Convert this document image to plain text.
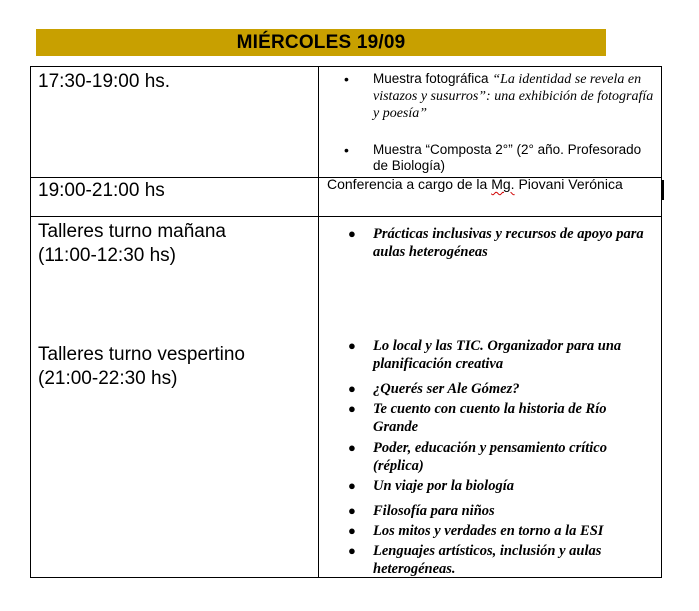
MIÉRCOLES 19/09
17:30-19:00 hs.	• Muestra fotográfica “La identidad se revela en vistazos y susurros”: una exhibición de fotografía y poesía”
• Muestra “Composta 2°” (2° año. Profesorado de Biología)
19:00-21:00 hs	Conferencia a cargo de la Mg. Piovani Verónica
Talleres turno mañana
(11:00-12:30 hs)
Talleres turno vespertino
(21:00-22:30 hs)
● Prácticas inclusivas y recursos de apoyo para aulas heterogéneas
● Lo local y las TIC. Organizador para una planificación creativa
● ¿Querés ser Ale Gómez?
● Te cuento con cuento la historia de Río Grande
● Poder, educación y pensamiento crítico (réplica)
● Un viaje por la biología
● Filosofía para niños
● Los mitos y verdades en torno a la ESI
● Lenguajes artísticos, inclusión y aulas heterogéneas.
